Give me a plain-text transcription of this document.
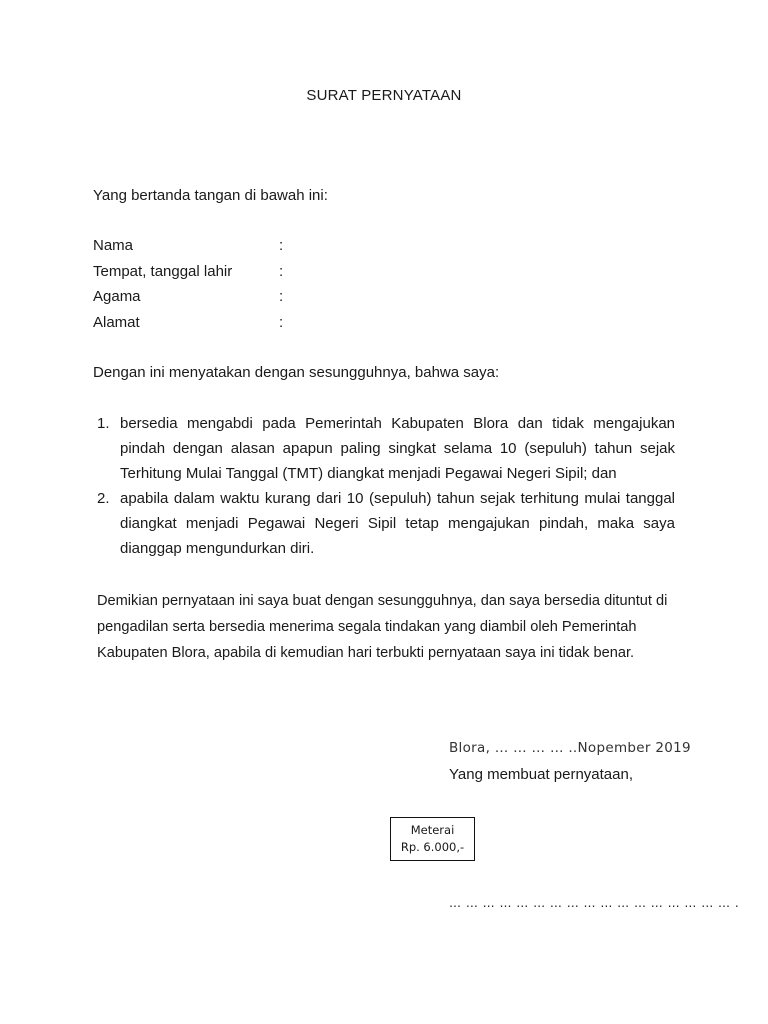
SURAT PERNYATAAN
Yang bertanda tangan di bawah ini:
Nama	:
Tempat, tanggal lahir	:
Agama	:
Alamat	:
Dengan ini menyatakan dengan sesungguhnya, bahwa saya:
1. bersedia mengabdi pada Pemerintah Kabupaten Blora dan tidak mengajukan pindah dengan alasan apapun paling singkat selama 10 (sepuluh) tahun sejak Terhitung Mulai Tanggal (TMT) diangkat menjadi Pegawai Negeri Sipil; dan
2. apabila dalam waktu kurang dari 10 (sepuluh) tahun sejak terhitung mulai tanggal diangkat menjadi Pegawai Negeri Sipil tetap mengajukan pindah, maka saya dianggap mengundurkan diri.
Demikian pernyataan ini saya buat dengan sesungguhnya, dan saya bersedia dituntut di pengadilan serta bersedia menerima segala tindakan yang diambil oleh Pemerintah Kabupaten Blora, apabila di kemudian hari terbukti pernyataan saya ini tidak benar.
Blora, … … … … ..Nopember 2019
Yang membuat pernyataan,
Meterai
Rp. 6.000,-
… … … … … … … … … … … … … … … … … .
